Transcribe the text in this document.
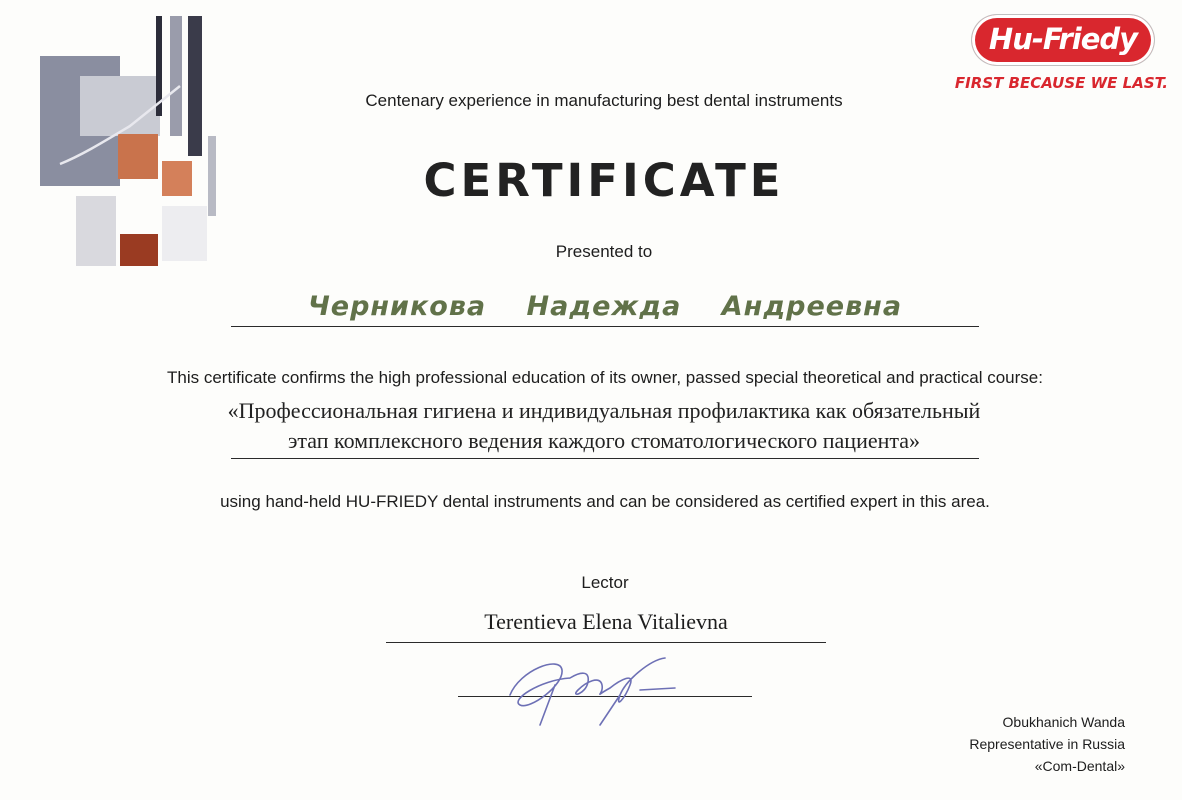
Hu-Friedy
FIRST BECAUSE WE LAST.
Centenary experience in manufacturing best dental instruments
CERTIFICATE
Presented to
Черникова Надежда Андреевна
This certificate confirms the high professional education of its owner, passed special theoretical and practical course:
«Профессиональная гигиена и индивидуальная профилактика как обязательный
этап комплексного ведения каждого стоматологического пациента»
using hand-held HU-FRIEDY dental instruments and can be considered as certified expert in this area.
Lector
Terentieva Elena Vitalievna
Obukhanich Wanda
Representative in Russia
«Com-Dental»
